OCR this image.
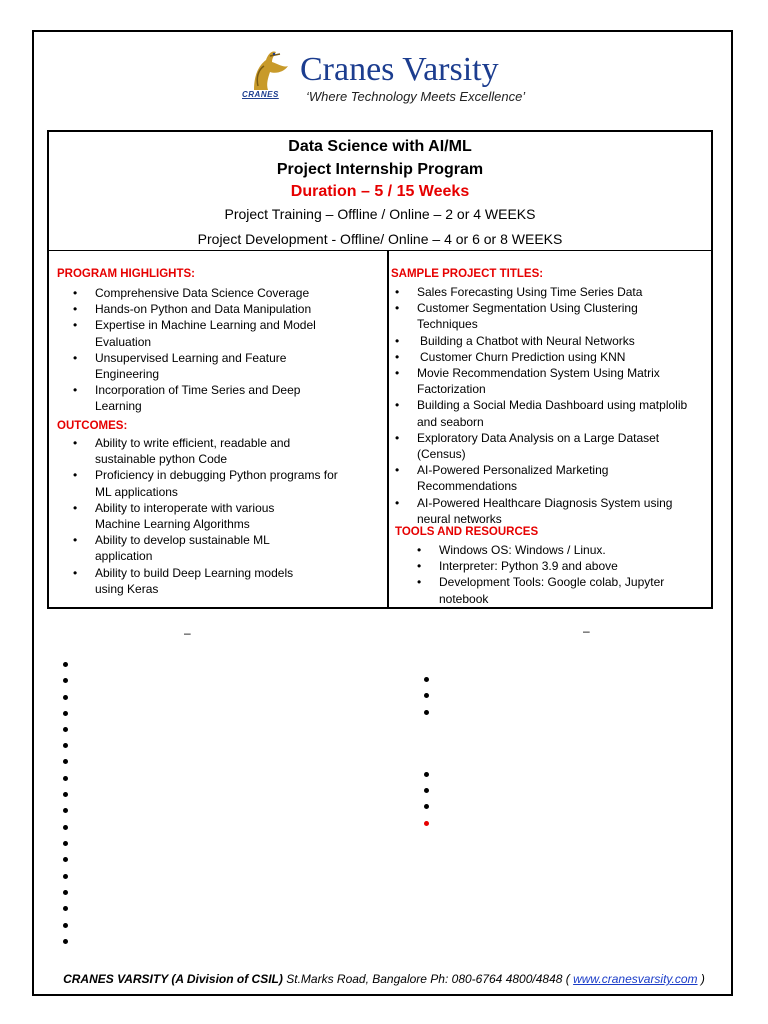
CRANES
Cranes Varsity
‘Where Technology Meets Excellence’
Data Science with AI/ML
Project Internship Program
Duration – 5 / 15 Weeks
Project Training – Offline / Online – 2 or 4 WEEKS
Project Development - Offline/ Online – 4 or 6 or 8 WEEKS
PROGRAM HIGHLIGHTS:
• Comprehensive Data Science Coverage
• Hands-on Python and Data Manipulation
• Expertise in Machine Learning and Model Evaluation
• Unsupervised Learning and Feature Engineering
• Incorporation of Time Series and Deep Learning
OUTCOMES:
• Ability to write efficient, readable and sustainable python Code
• Proficiency in debugging Python programs for ML applications
• Ability to interoperate with various Machine Learning Algorithms
• Ability to develop sustainable ML application
• Ability to build Deep Learning models using Keras
SAMPLE PROJECT TITLES:
• Sales Forecasting Using Time Series Data
• Customer Segmentation Using Clustering Techniques
• Building a Chatbot with Neural Networks
• Customer Churn Prediction using KNN
• Movie Recommendation System Using Matrix Factorization
• Building a Social Media Dashboard using matplolib and seaborn
• Exploratory Data Analysis on a Large Dataset (Census)
• AI-Powered Personalized Marketing Recommendations
• AI-Powered Healthcare Diagnosis System using neural networks
TOOLS AND RESOURCES
• Windows OS: Windows / Linux.
• Interpreter: Python 3.9 and above
• Development Tools: Google colab, Jupyter notebook
–	–
CRANES VARSITY (A Division of CSIL) St.Marks Road, Bangalore Ph: 080-6764 4800/4848 ( www.cranesvarsity.com )
